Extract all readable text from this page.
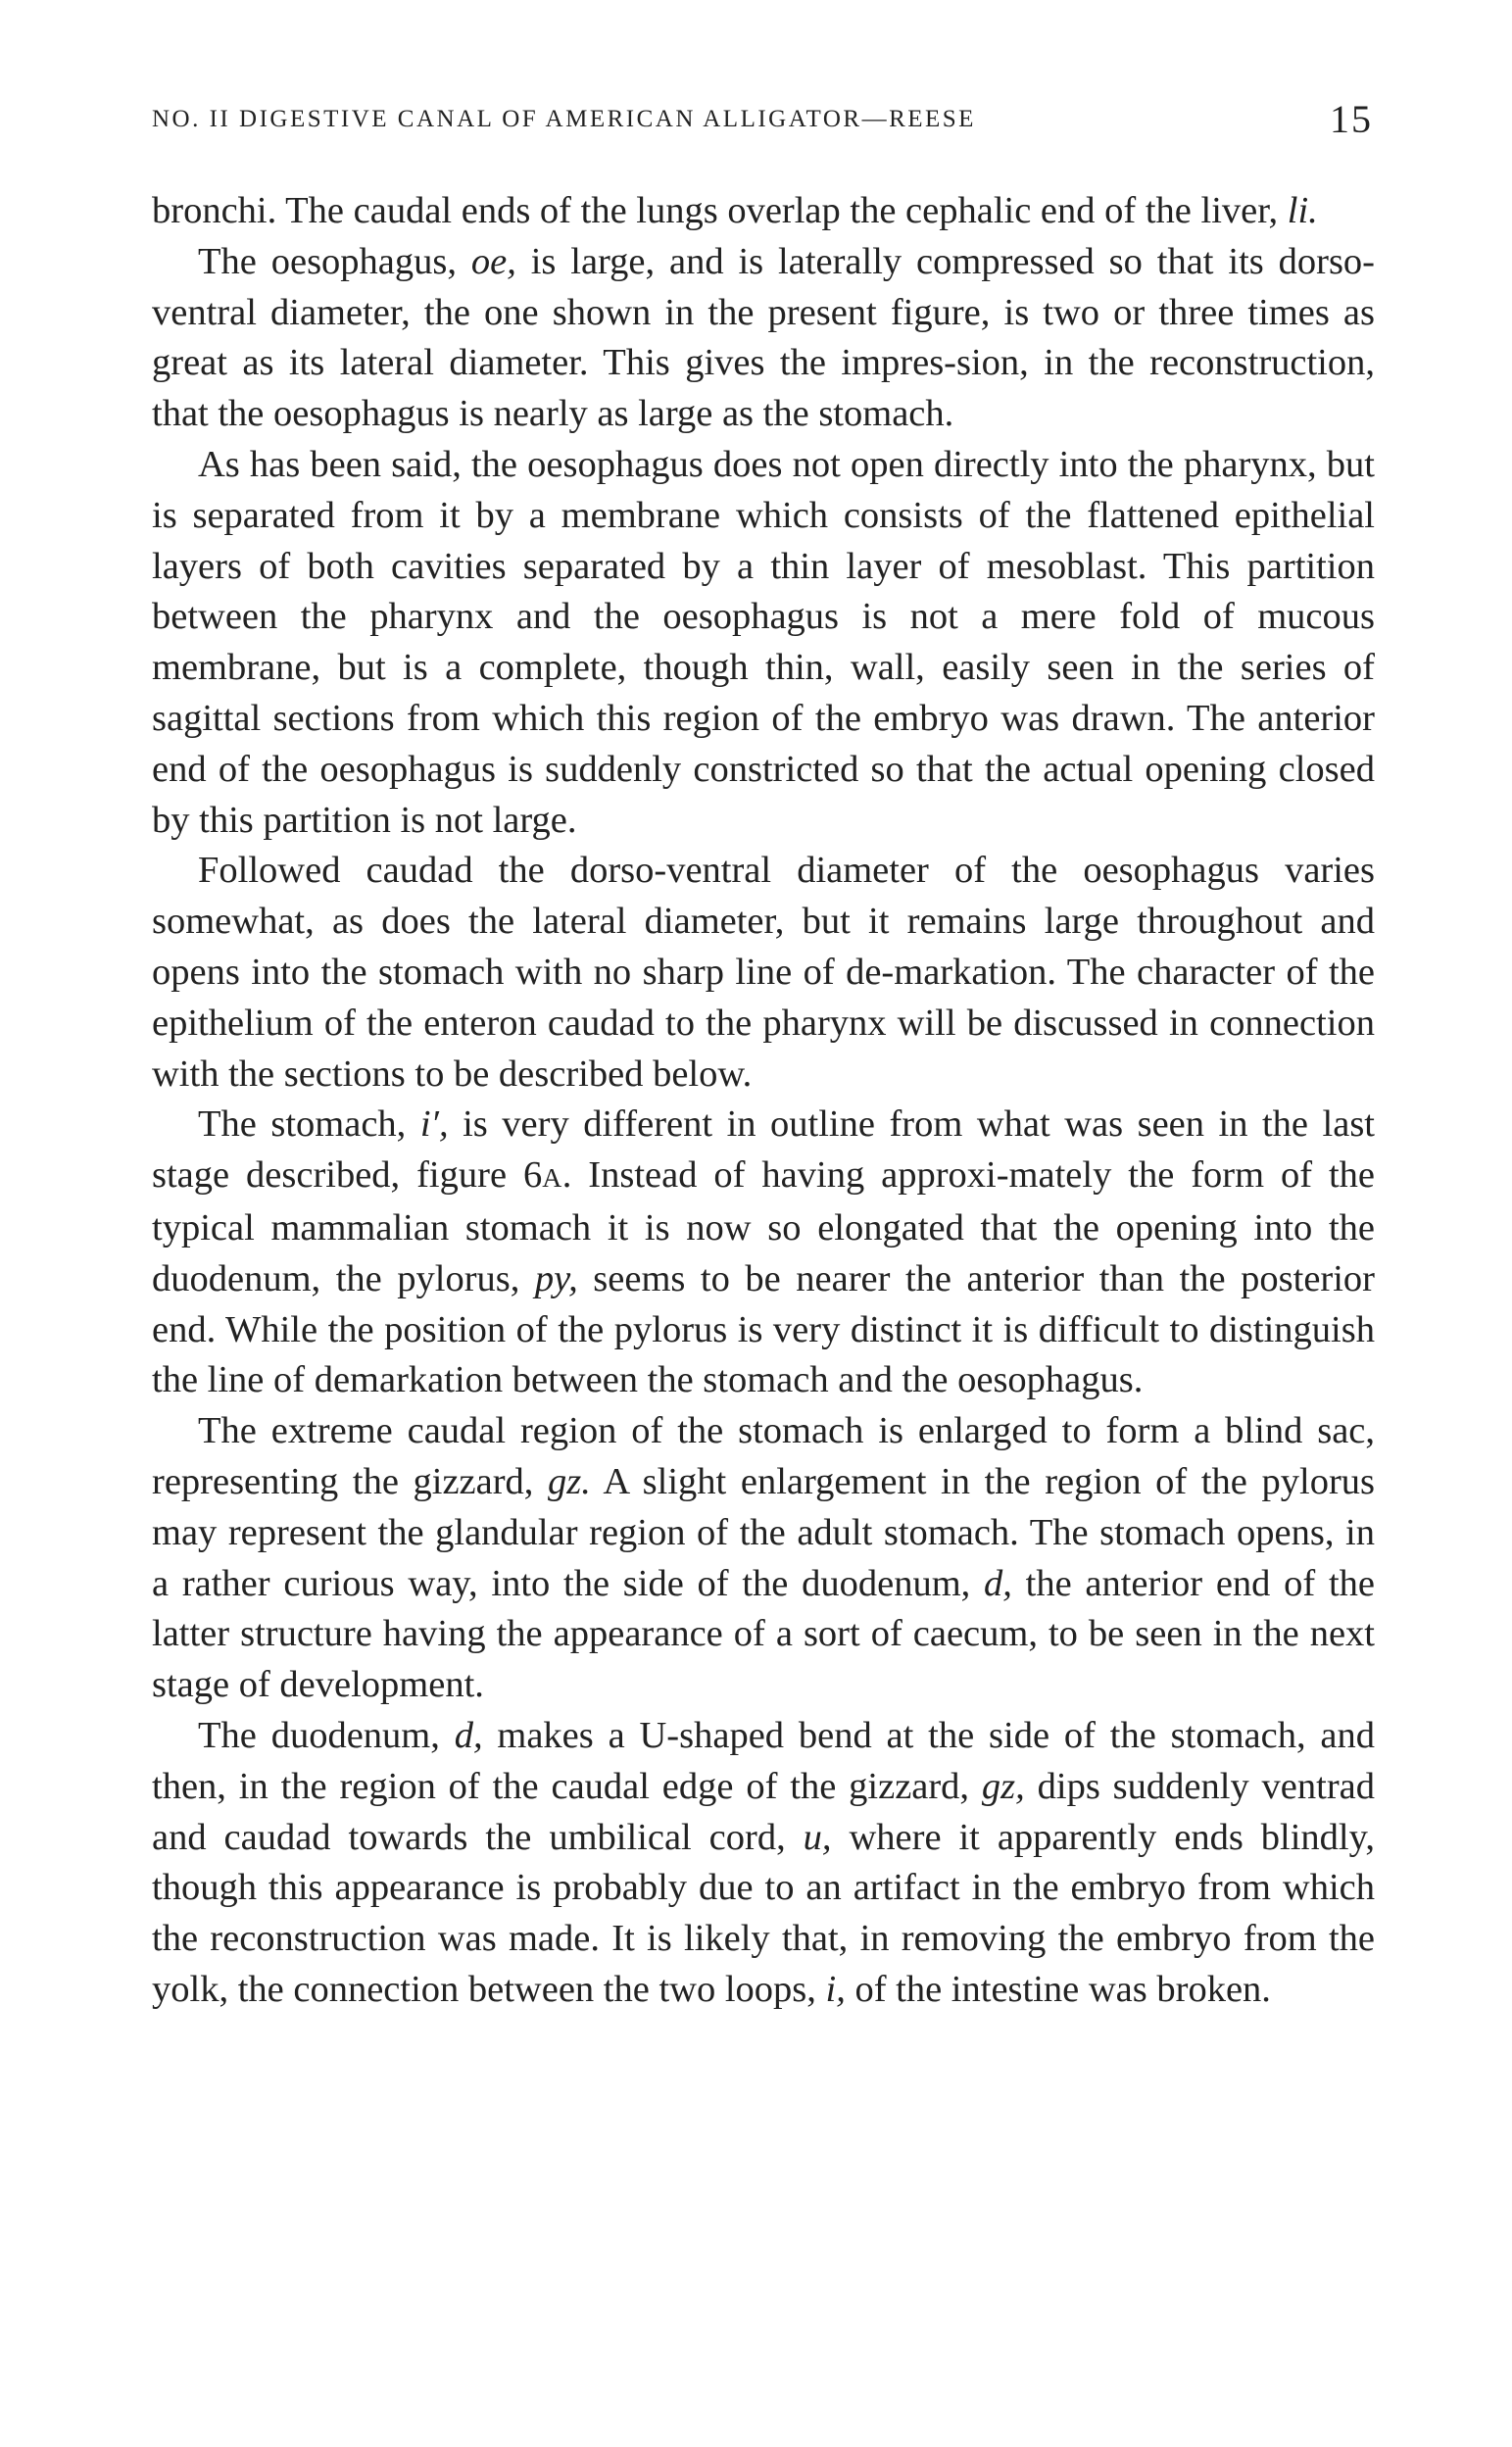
NO. II DIGESTIVE CANAL OF AMERICAN ALLIGATOR—REESE	15

bronchi. The caudal ends of the lungs overlap the cephalic end of the liver, li.

The oesophagus, oe, is large, and is laterally compressed so that its dorso-ventral diameter, the one shown in the present figure, is two or three times as great as its lateral diameter. This gives the impres-sion, in the reconstruction, that the oesophagus is nearly as large as the stomach.

As has been said, the oesophagus does not open directly into the pharynx, but is separated from it by a membrane which consists of the flattened epithelial layers of both cavities separated by a thin layer of mesoblast. This partition between the pharynx and the oesophagus is not a mere fold of mucous membrane, but is a complete, though thin, wall, easily seen in the series of sagittal sections from which this region of the embryo was drawn. The anterior end of the oesophagus is suddenly constricted so that the actual opening closed by this partition is not large.

Followed caudad the dorso-ventral diameter of the oesophagus varies somewhat, as does the lateral diameter, but it remains large throughout and opens into the stomach with no sharp line of de-markation. The character of the epithelium of the enteron caudad to the pharynx will be discussed in connection with the sections to be described below.

The stomach, i′, is very different in outline from what was seen in the last stage described, figure 6A. Instead of having approxi-mately the form of the typical mammalian stomach it is now so elongated that the opening into the duodenum, the pylorus, py, seems to be nearer the anterior than the posterior end. While the position of the pylorus is very distinct it is difficult to distinguish the line of demarkation between the stomach and the oesophagus.

The extreme caudal region of the stomach is enlarged to form a blind sac, representing the gizzard, gz. A slight enlargement in the region of the pylorus may represent the glandular region of the adult stomach. The stomach opens, in a rather curious way, into the side of the duodenum, d, the anterior end of the latter structure having the appearance of a sort of caecum, to be seen in the next stage of development.

The duodenum, d, makes a U-shaped bend at the side of the stomach, and then, in the region of the caudal edge of the gizzard, gz, dips suddenly ventrad and caudad towards the umbilical cord, u, where it apparently ends blindly, though this appearance is probably due to an artifact in the embryo from which the reconstruction was made. It is likely that, in removing the embryo from the yolk, the connection between the two loops, i, of the intestine was broken.
